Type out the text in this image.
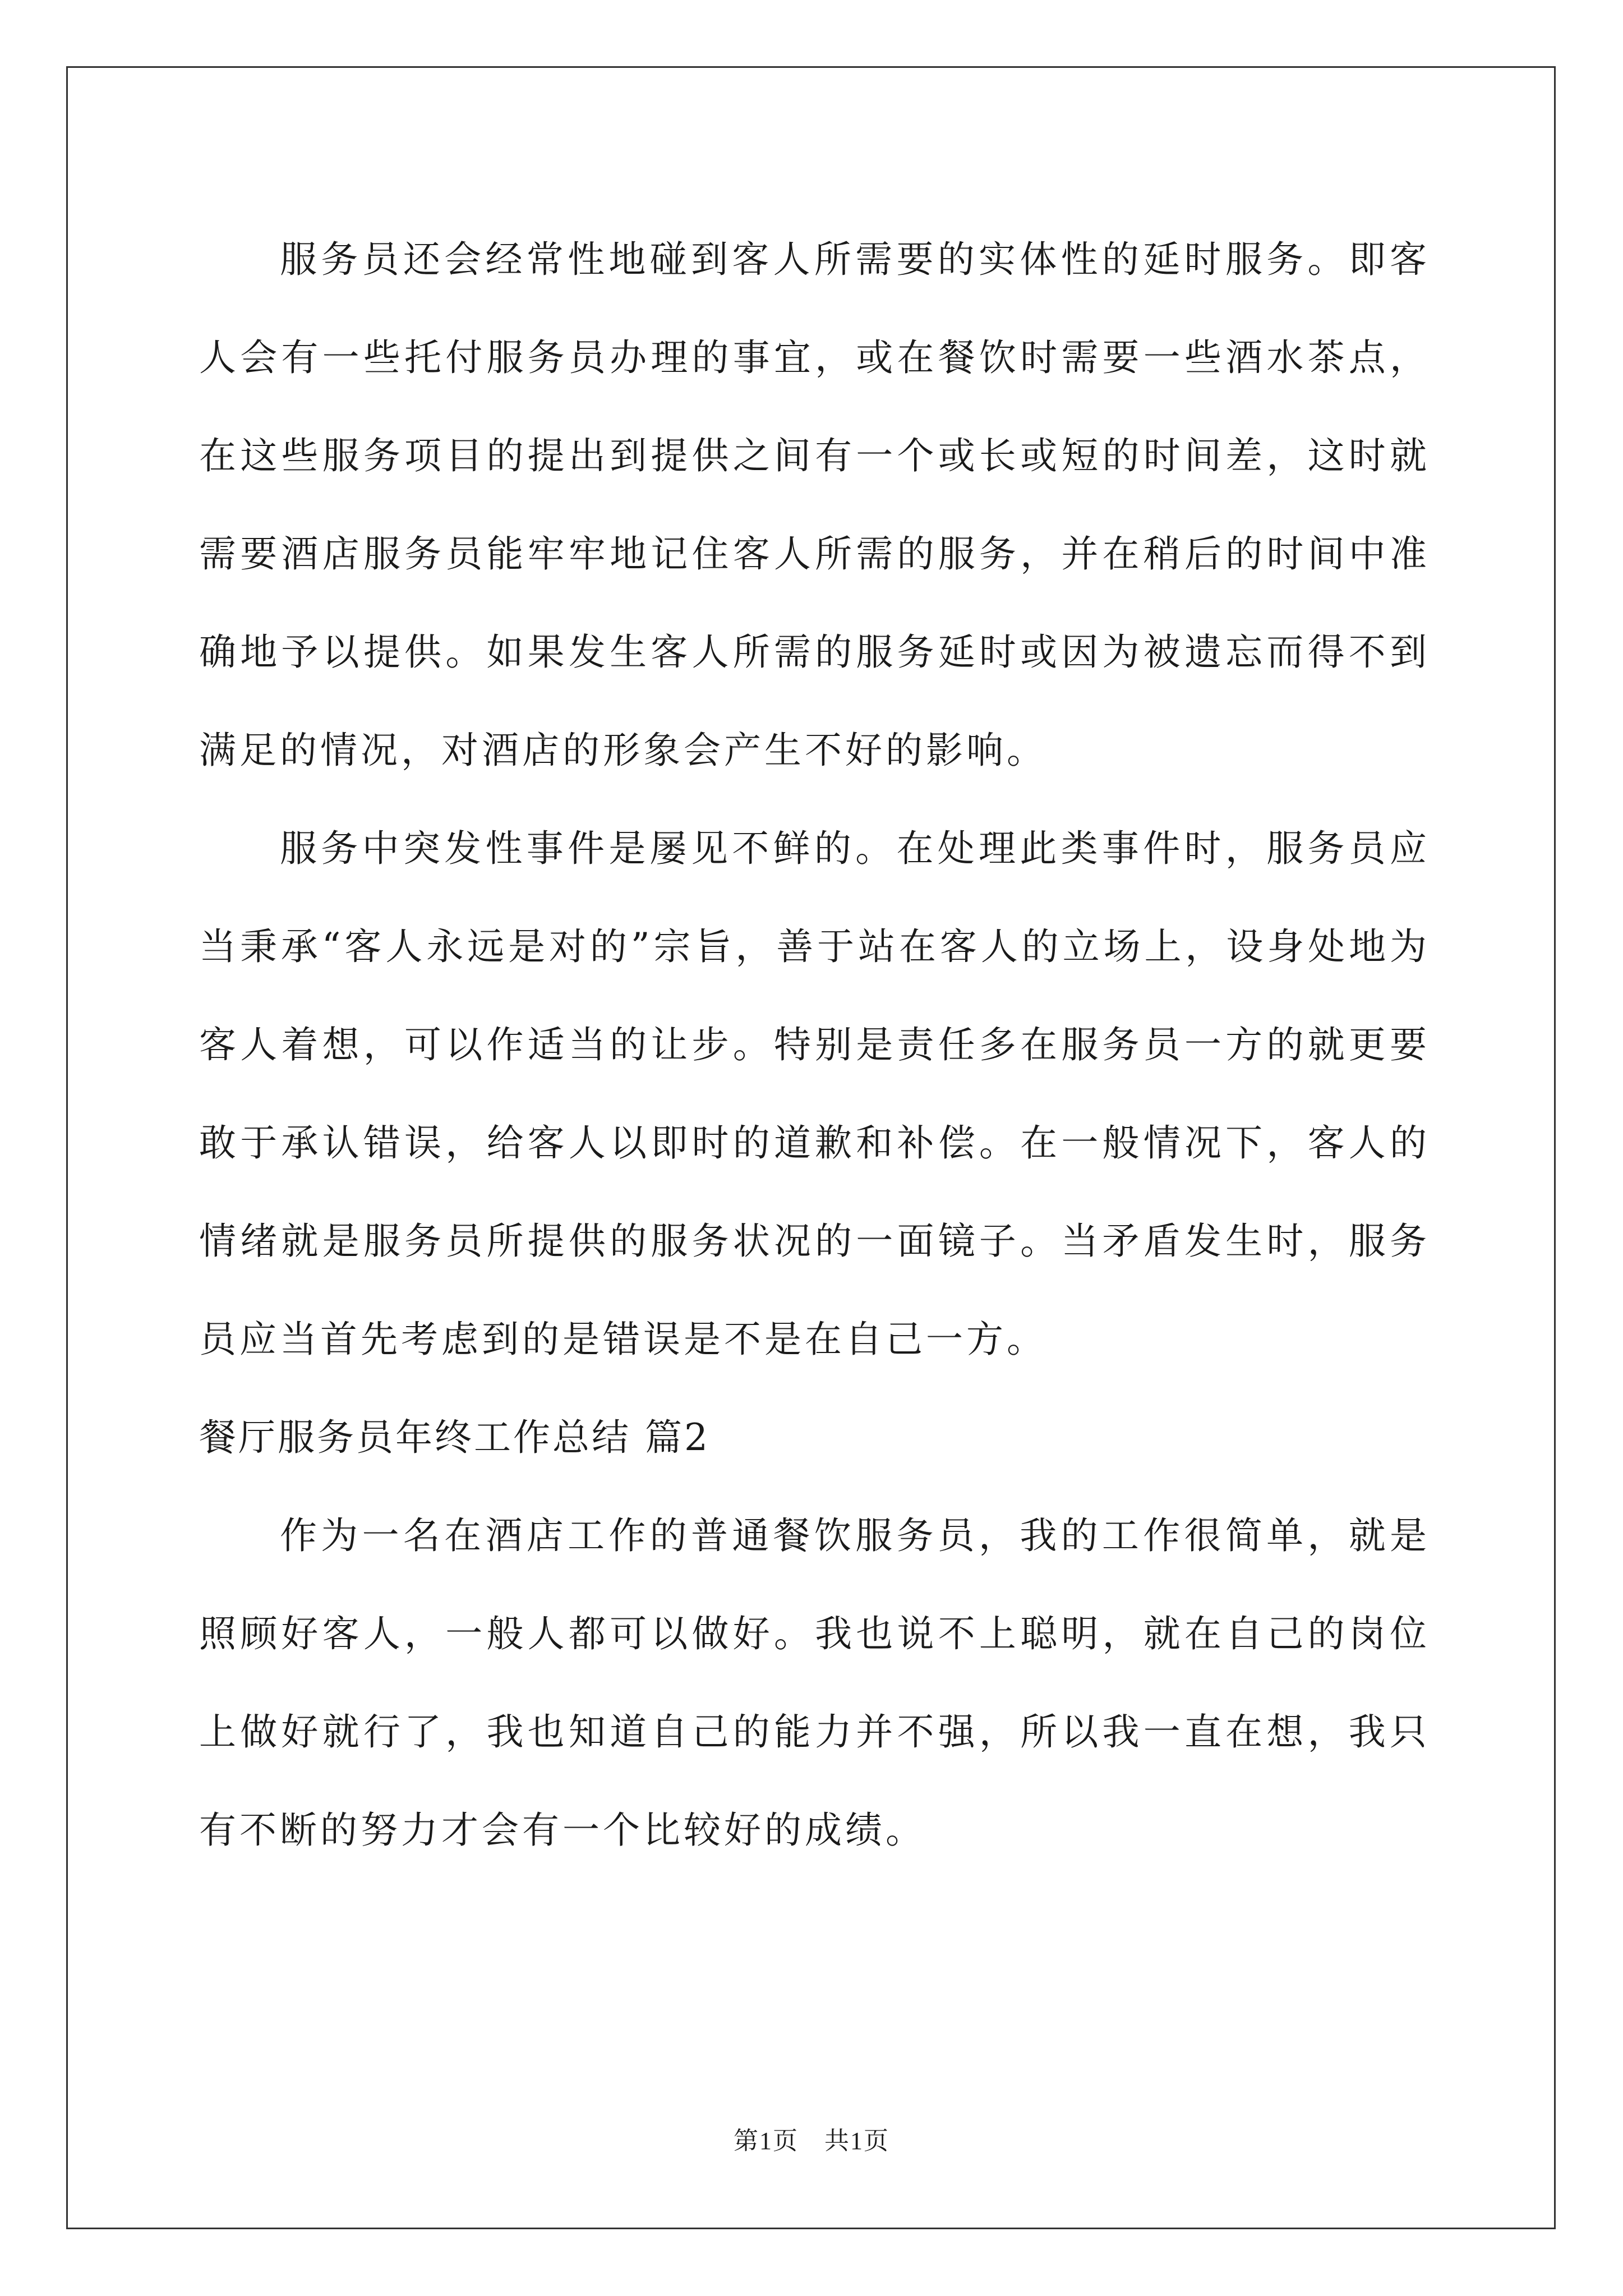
服务员还会经常性地碰到客人所需要的实体性的延时服务。即客人会有一些托付服务员办理的事宜，或在餐饮时需要一些酒水茶点，在这些服务项目的提出到提供之间有一个或长或短的时间差，这时就需要酒店服务员能牢牢地记住客人所需的服务，并在稍后的时间中准确地予以提供。如果发生客人所需的服务延时或因为被遗忘而得不到满足的情况，对酒店的形象会产生不好的影响。

服务中突发性事件是屡见不鲜的。在处理此类事件时，服务员应当秉承“客人永远是对的”宗旨，善于站在客人的立场上，设身处地为客人着想，可以作适当的让步。特别是责任多在服务员一方的就更要敢于承认错误，给客人以即时的道歉和补偿。在一般情况下，客人的情绪就是服务员所提供的服务状况的一面镜子。当矛盾发生时，服务员应当首先考虑到的是错误是不是在自己一方。

餐厅服务员年终工作总结 篇2

作为一名在酒店工作的普通餐饮服务员，我的工作很简单，就是照顾好客人，一般人都可以做好。我也说不上聪明，就在自己的岗位上做好就行了，我也知道自己的能力并不强，所以我一直在想，我只有不断的努力才会有一个比较好的成绩。

第1页　共1页
